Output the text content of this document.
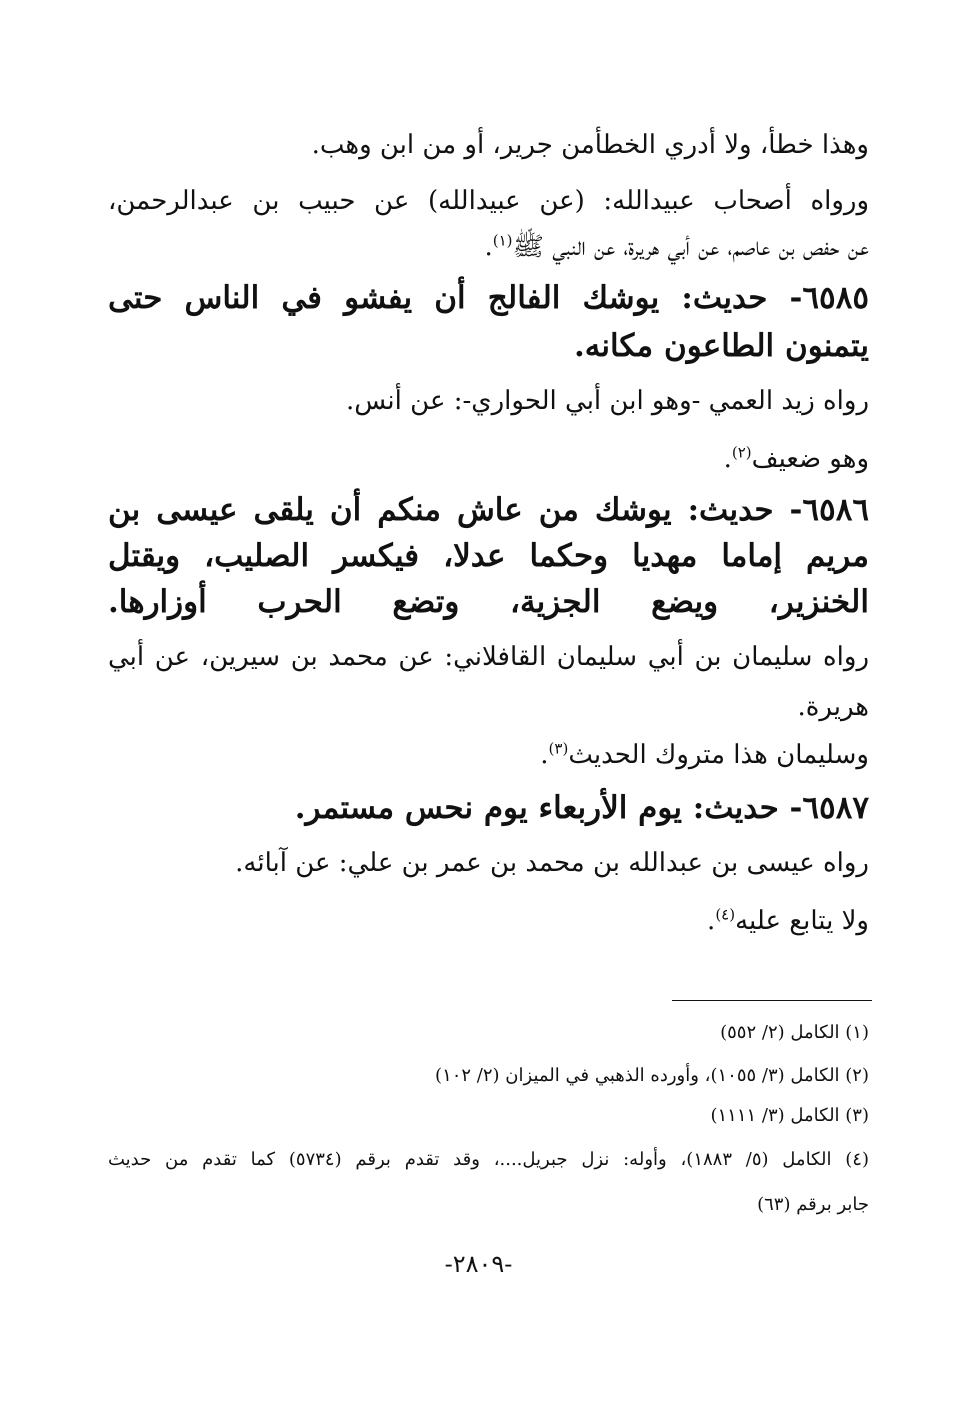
وهذا خطأ، ولا أدري الخطأمن جرير، أو من ابن وهب.
ورواه أصحاب عبيدالله: (عن عبيدالله) عن حبيب بن عبدالرحمن،
عن حفص بن عاصم، عن أبي هريرة، عن النبي ﷺ$^{(١)}$.
٦٥٨٥- حديث: يوشك الفالج أن يفشو في الناس حتى
يتمنون الطاعون مكانه.
رواه زيد العمي -وهو ابن أبي الحواري-: عن أنس.
وهو ضعيف$^{(٢)}$.
٦٥٨٦- حديث: يوشك من عاش منكم أن يلقى عيسى بن
مريم إماما مهديا وحكما عدلا، فيكسر الصليب، ويقتل
الخنزير، ويضع الجزية، وتضع الحرب أوزارها.
رواه سليمان بن أبي سليمان القافلاني: عن محمد بن سيرين، عن أبي
هريرة.
وسليمان هذا متروك الحديث$^{(٣)}$.
٦٥٨٧- حديث: يوم الأربعاء يوم نحس مستمر.
رواه عيسى بن عبدالله بن محمد بن عمر بن علي: عن آبائه.
ولا يتابع عليه$^{(٤)}$.
(١) الكامل (٢/ ٥٥٢)
(٢) الكامل (٣/ ١٠٥٥)، وأورده الذهبي في الميزان (٢/ ١٠٢)
(٣) الكامل (٣/ ١١١١)
(٤) الكامل (٥/ ١٨٨٣)، وأوله: نزل جبريل....، وقد تقدم برقم (٥٧٣٤) كما تقدم من حديث
جابر برقم (٦٣)
-٢٨٠٩-
